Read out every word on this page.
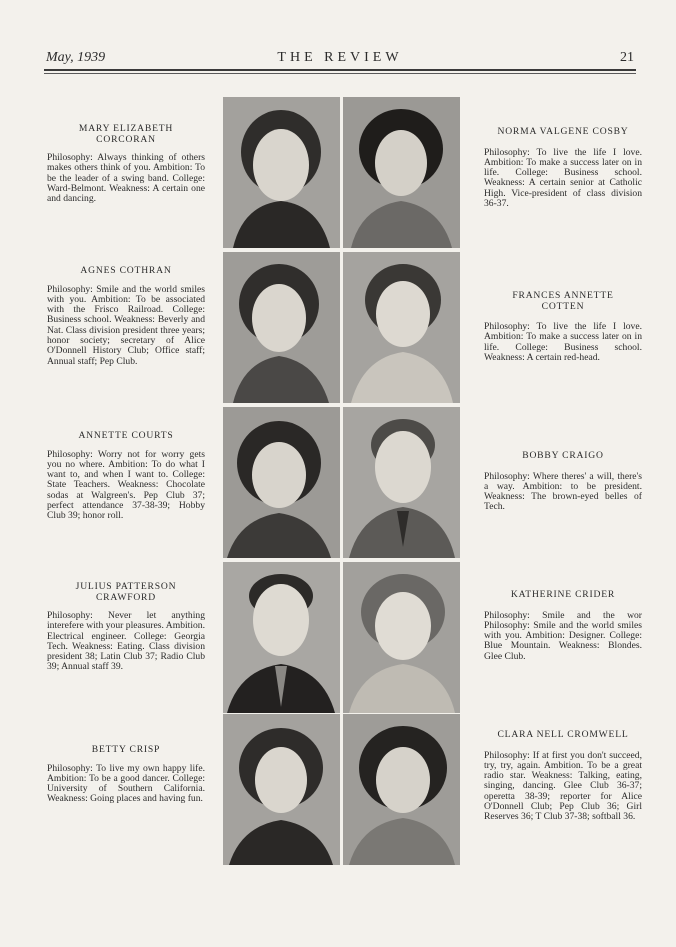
May, 1939	THE REVIEW	21
MARY ELIZABETH
CORCORAN
Philosophy: Always thinking of others makes others think of you. Ambition: To be the leader of a swing band. College: Ward-Belmont. Weakness: A certain one and dancing.
AGNES COTHRAN
Philosophy: Smile and the world smiles with you. Ambition: To be associated with the Frisco Railroad. College: Business school. Weakness: Beverly and Nat. Class division president three years; honor society; secretary of Alice O'Donnell History Club; Office staff; Annual staff; Pep Club.
ANNETTE COURTS
Philosophy: Worry not for worry gets you no where. Ambition: To do what I want to, and when I want to. College: State Teachers. Weakness: Chocolate sodas at Walgreen's. Pep Club 37; perfect attendance 37-38-39; Hobby Club 39; honor roll.
JULIUS PATTERSON
CRAWFORD
Philosophy: Never let anything interefere with your pleasures. Ambition. Electrical engineer. College: Georgia Tech. Weakness: Eating. Class division president 38; Latin Club 37; Radio Club 39; Annual staff 39.
BETTY CRISP
Philosophy: To live my own happy life. Ambition: To be a good dancer. College: University of Southern California. Weakness: Going places and having fun.
NORMA VALGENE COSBY
Philosophy: To live the life I love. Ambition: To make a success later on in life. College: Business school. Weakness: A certain senior at Catholic High. Vice-president of class division 36-37.
FRANCES ANNETTE
COTTEN
Philosophy: To live the life I love. Ambition: To make a success later on in life. College: Business school. Weakness: A certain red-head.
BOBBY CRAIGO
Philosophy: Where theres' a will, there's a way. Ambition: to be president. Weakness: The brown-eyed belles of Tech.
KATHERINE CRIDER
Philosophy: Smile and the wor Philosophy: Smile and the world smiles with you. Ambition: Designer. College: Blue Mountain. Weakness: Blondes. Glee Club.
CLARA NELL CROMWELL
Philosophy: If at first you don't succeed, try, try, again. Ambition. To be a great radio star. Weakness: Talking, eating, singing, dancing. Glee Club 36-37; operetta 38-39; reporter for Alice O'Donnell Club; Pep Club 36; Girl Reserves 36; T Club 37-38; softball 36.
